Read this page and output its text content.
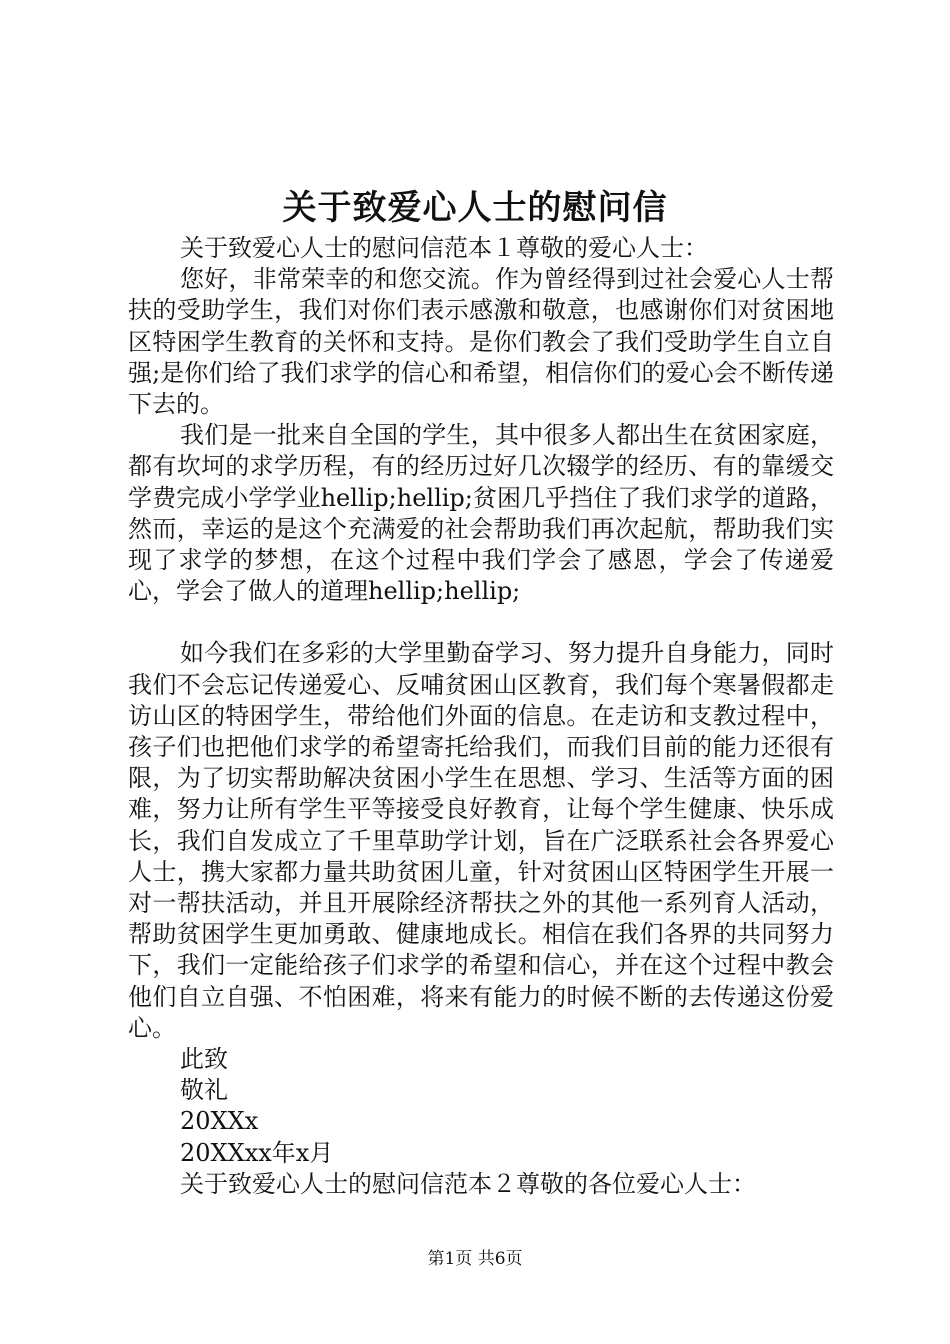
关于致爱心人士的慰问信

关于致爱心人士的慰问信范本１尊敬的爱心人士：

您好，非常荣幸的和您交流。作为曾经得到过社会爱心人士帮扶的受助学生，我们对你们表示感激和敬意，也感谢你们对贫困地区特困学生教育的关怀和支持。是你们教会了我们受助学生自立自强;是你们给了我们求学的信心和希望，相信你们的爱心会不断传递下去的。

我们是一批来自全国的学生，其中很多人都出生在贫困家庭，都有坎坷的求学历程，有的经历过好几次辍学的经历、有的靠缓交学费完成小学学业hellip;hellip;贫困几乎挡住了我们求学的道路，然而，幸运的是这个充满爱的社会帮助我们再次起航，帮助我们实现了求学的梦想，在这个过程中我们学会了感恩，学会了传递爱心，学会了做人的道理hellip;hellip;

如今我们在多彩的大学里勤奋学习、努力提升自身能力，同时我们不会忘记传递爱心、反哺贫困山区教育，我们每个寒暑假都走访山区的特困学生，带给他们外面的信息。在走访和支教过程中，孩子们也把他们求学的希望寄托给我们，而我们目前的能力还很有限，为了切实帮助解决贫困小学生在思想、学习、生活等方面的困难，努力让所有学生平等接受良好教育，让每个学生健康、快乐成长，我们自发成立了千里草助学计划，旨在广泛联系社会各界爱心人士，携大家都力量共助贫困儿童，针对贫困山区特困学生开展一对一帮扶活动，并且开展除经济帮扶之外的其他一系列育人活动，帮助贫困学生更加勇敢、健康地成长。相信在我们各界的共同努力下，我们一定能给孩子们求学的希望和信心，并在这个过程中教会他们自立自强、不怕困难，将来有能力的时候不断的去传递这份爱心。

此致

敬礼

20XXx

20XXxx年x月

关于致爱心人士的慰问信范本２尊敬的各位爱心人士：

第1页 共6页
